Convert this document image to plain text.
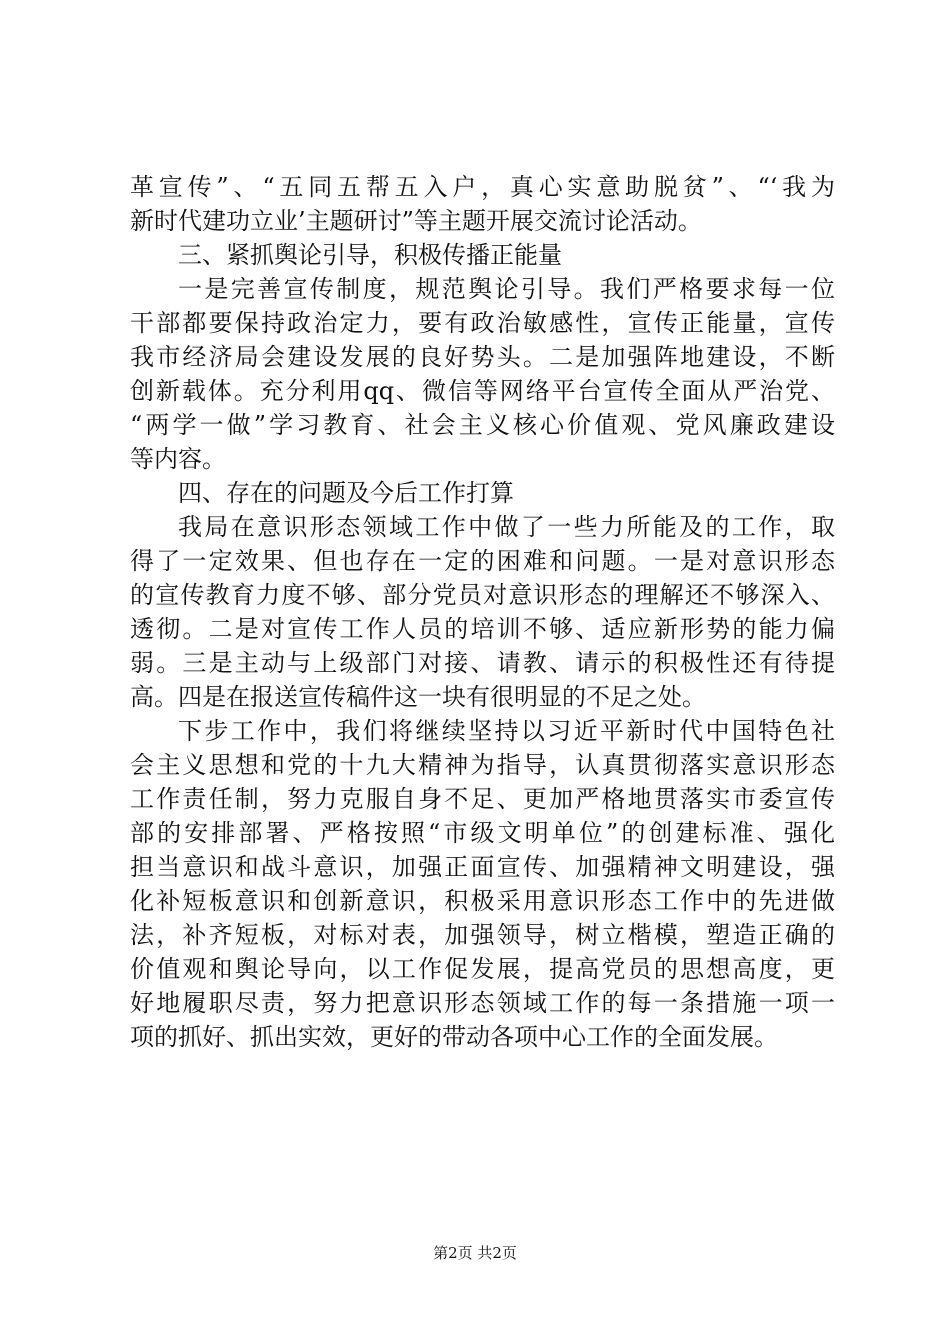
革宣传”、“五同五帮五入户，真心实意助脱贫”、“‘我为
新时代建功立业’主题研讨”等主题开展交流讨论活动。
三、紧抓舆论引导，积极传播正能量
一是完善宣传制度，规范舆论引导。我们严格要求每一位
干部都要保持政治定力，要有政治敏感性，宣传正能量，宣传
我市经济局会建设发展的良好势头。二是加强阵地建设，不断
创新载体。充分利用qq、微信等网络平台宣传全面从严治党、
“两学一做”学习教育、社会主义核心价值观、党风廉政建设
等内容。
四、存在的问题及今后工作打算
我局在意识形态领域工作中做了一些力所能及的工作，取
得了一定效果、但也存在一定的困难和问题。一是对意识形态
的宣传教育力度不够、部分党员对意识形态的理解还不够深入、
透彻。二是对宣传工作人员的培训不够、适应新形势的能力偏
弱。三是主动与上级部门对接、请教、请示的积极性还有待提
高。四是在报送宣传稿件这一块有很明显的不足之处。
下步工作中，我们将继续坚持以习近平新时代中国特色社
会主义思想和党的十九大精神为指导，认真贯彻落实意识形态
工作责任制，努力克服自身不足、更加严格地贯落实市委宣传
部的安排部署、严格按照“市级文明单位”的创建标准、强化
担当意识和战斗意识，加强正面宣传、加强精神文明建设，强
化补短板意识和创新意识，积极采用意识形态工作中的先进做
法，补齐短板，对标对表，加强领导，树立楷模，塑造正确的
价值观和舆论导向，以工作促发展，提高党员的思想高度，更
好地履职尽责，努力把意识形态领域工作的每一条措施一项一
项的抓好、抓出实效，更好的带动各项中心工作的全面发展。
第2页 共2页
